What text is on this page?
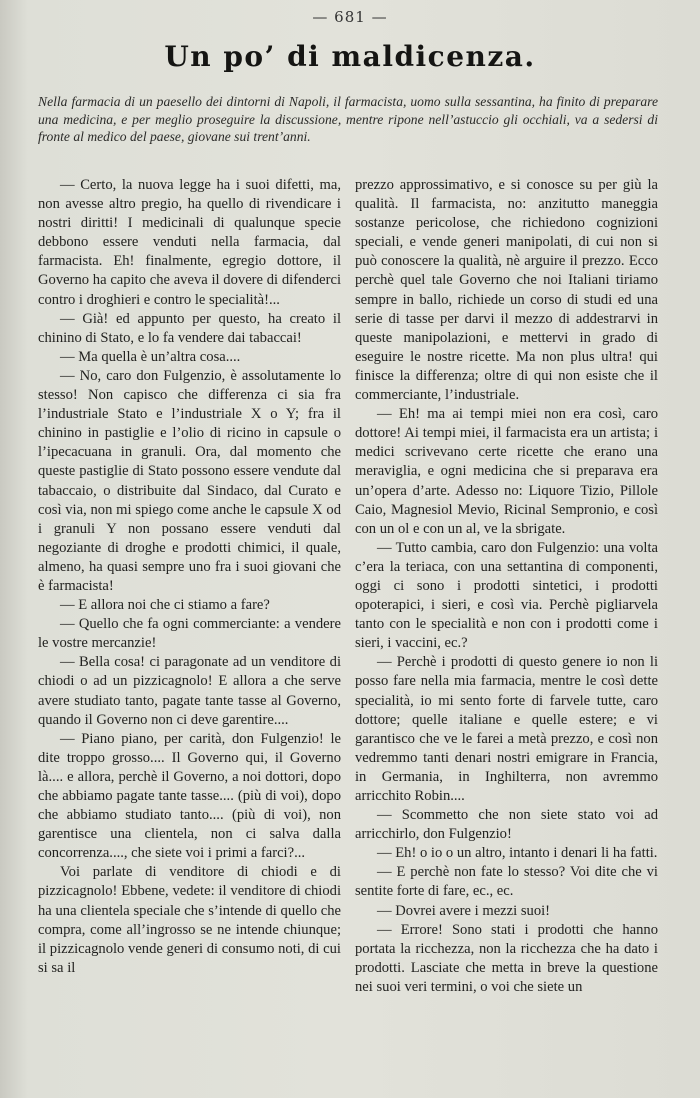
— 681 —
Un po’ di maldicenza.
Nella farmacia di un paesello dei dintorni di Napoli, il farmacista, uomo sulla sessantina, ha finito di preparare una medicina, e per meglio proseguire la discussione, mentre ripone nell’astuccio gli occhiali, va a sedersi di fronte al medico del paese, giovane sui trent’anni.

— Certo, la nuova legge ha i suoi difetti, ma, non avesse altro pregio, ha quello di rivendicare i nostri diritti! I medicinali di qualunque specie debbono essere venduti nella farmacia, dal farmacista. Eh! finalmente, egregio dottore, il Governo ha capito che aveva il dovere di difenderci contro i droghieri e contro le specialità!...

— Già! ed appunto per questo, ha creato il chinino di Stato, e lo fa vendere dai tabaccai!

— Ma quella è un’altra cosa....

— No, caro don Fulgenzio, è assolutamente lo stesso! Non capisco che differenza ci sia fra l’industriale Stato e l’industriale X o Y; fra il chinino in pastiglie e l’olio di ricino in capsule o l’ipecacuana in granuli. Ora, dal momento che queste pastiglie di Stato possono essere vendute dal tabaccaio, o distribuite dal Sindaco, dal Curato e così via, non mi spiego come anche le capsule X od i granuli Y non possano essere venduti dal negoziante di droghe e prodotti chimici, il quale, almeno, ha quasi sempre uno fra i suoi giovani che è farmacista!

— E allora noi che ci stiamo a fare?

— Quello che fa ogni commerciante: a vendere le vostre mercanzie!

— Bella cosa! ci paragonate ad un venditore di chiodi o ad un pizzicagnolo! E allora a che serve avere studiato tanto, pagate tante tasse al Governo, quando il Governo non ci deve garentire....

— Piano piano, per carità, don Fulgenzio! le dite troppo grosso.... Il Governo qui, il Governo là.... e allora, perchè il Governo, a noi dottori, dopo che abbiamo pagate tante tasse.... (più di voi), dopo che abbiamo studiato tanto.... (più di voi), non garentisce una clientela, non ci salva dalla concorrenza...., che siete voi i primi a farci?...

Voi parlate di venditore di chiodi e di pizzicagnolo! Ebbene, vedete: il venditore di chiodi ha una clientela speciale che s’intende di quello che compra, come all’ingrosso se ne intende chiunque; il pizzicagnolo vende generi di consumo noti, di cui si sa il

prezzo approssimativo, e si conosce su per giù la qualità. Il farmacista, no: anzitutto maneggia sostanze pericolose, che richiedono cognizioni speciali, e vende generi manipolati, di cui non si può conoscere la qualità, nè arguire il prezzo. Ecco perchè quel tale Governo che noi Italiani tiriamo sempre in ballo, richiede un corso di studi ed una serie di tasse per darvi il mezzo di addestrarvi in queste manipolazioni, e mettervi in grado di eseguire le nostre ricette. Ma non plus ultra! qui finisce la differenza; oltre di qui non esiste che il commerciante, l’industriale.

— Eh! ma ai tempi miei non era così, caro dottore! Ai tempi miei, il farmacista era un artista; i medici scrivevano certe ricette che erano una meraviglia, e ogni medicina che si preparava era un’opera d’arte. Adesso no: Liquore Tizio, Pillole Caio, Magnesiol Mevio, Ricinal Sempronio, e così con un ol e con un al, ve la sbrigate.

— Tutto cambia, caro don Fulgenzio: una volta c’era la teriaca, con una settantina di componenti, oggi ci sono i prodotti sintetici, i prodotti opoterapici, i sieri, e così via. Perchè pigliarvela tanto con le specialità e non con i prodotti come i sieri, i vaccini, ec.?

— Perchè i prodotti di questo genere io non li posso fare nella mia farmacia, mentre le così dette specialità, io mi sento forte di farvele tutte, caro dottore; quelle italiane e quelle estere; e vi garantisco che ve le farei a metà prezzo, e così non vedremmo tanti denari nostri emigrare in Francia, in Germania, in Inghilterra, non avremmo arricchito Robin....

— Scommetto che non siete stato voi ad arricchirlo, don Fulgenzio!

— Eh! o io o un altro, intanto i denari li ha fatti.

— E perchè non fate lo stesso? Voi dite che vi sentite forte di fare, ec., ec.

— Dovrei avere i mezzi suoi!

— Errore! Sono stati i prodotti che hanno portata la ricchezza, non la ricchezza che ha dato i prodotti. Lasciate che metta in breve la questione nei suoi veri termini, o voi che siete un
